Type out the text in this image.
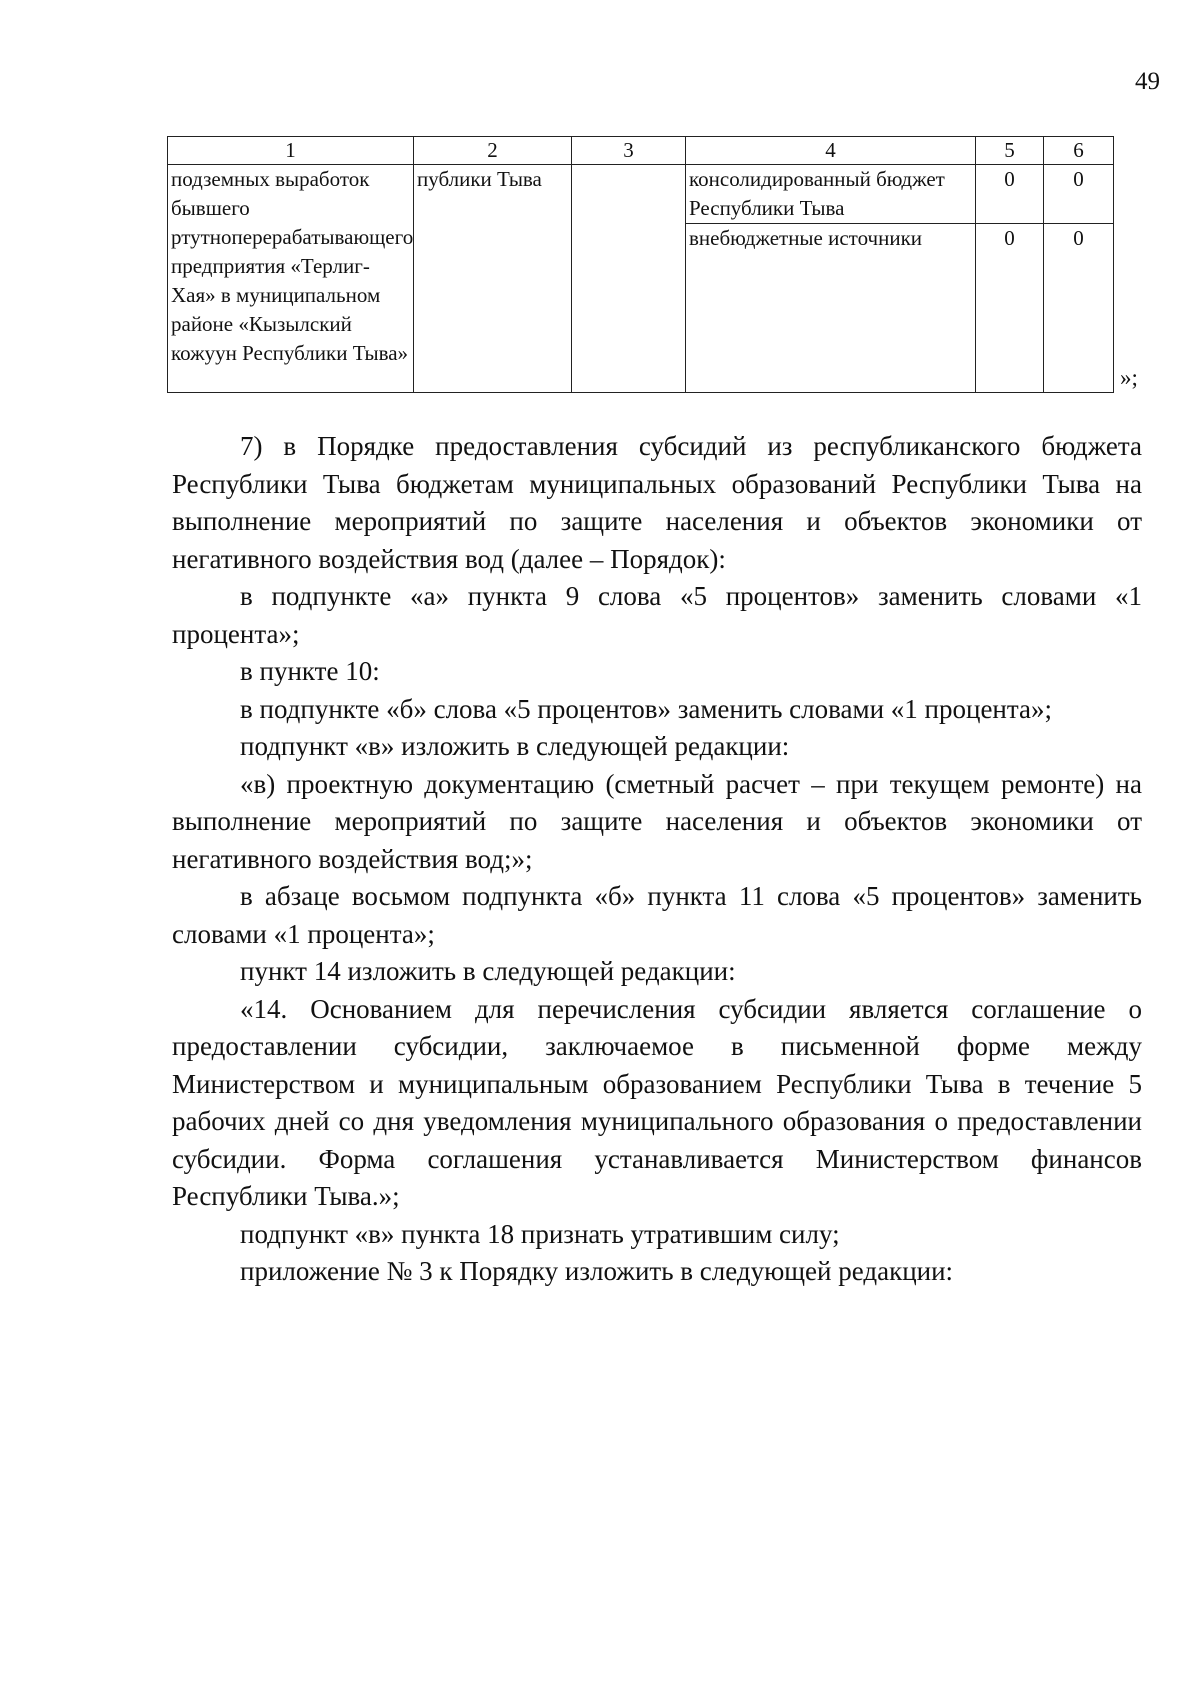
49
1	2	3	4	5	6
подземных выработок бывшего ртутноперерабатывающего предприятия «Терлиг-Хая» в муниципальном районе «Кызылский кожуун Республики Тыва»	публики Тыва		консолидированный бюджет Республики Тыва	0	0
			внебюджетные источники	0	0
»;

7) в Порядке предоставления субсидий из республиканского бюджета Республики Тыва бюджетам муниципальных образований Республики Тыва на выполнение мероприятий по защите населения и объектов экономики от негативного воздействия вод (далее – Порядок):

в подпункте «а» пункта 9 слова «5 процентов» заменить словами «1 процента»;

в пункте 10:

в подпункте «б» слова «5 процентов» заменить словами «1 процента»;

подпункт «в» изложить в следующей редакции:

«в) проектную документацию (сметный расчет – при текущем ремонте) на выполнение мероприятий по защите населения и объектов экономики от негативного воздействия вод;»;

в абзаце восьмом подпункта «б» пункта 11 слова «5 процентов» заменить словами «1 процента»;

пункт 14 изложить в следующей редакции:

«14. Основанием для перечисления субсидии является соглашение о предоставлении субсидии, заключаемое в письменной форме между Министерством и муниципальным образованием Республики Тыва в течение 5 рабочих дней со дня уведомления муниципального образования о предоставлении субсидии. Форма соглашения устанавливается Министерством финансов Республики Тыва.»;

подпункт «в» пункта 18 признать утратившим силу;

приложение № 3 к Порядку изложить в следующей редакции:
